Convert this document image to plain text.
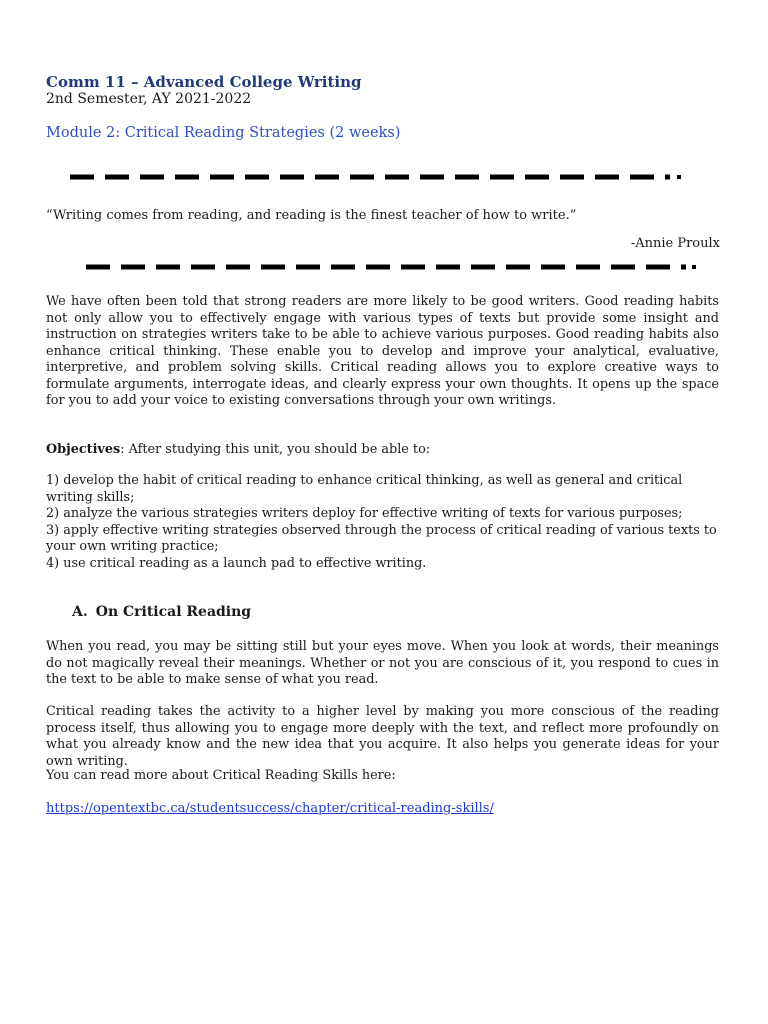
Comm 11 – Advanced College Writing
2nd Semester, AY 2021-2022
Module 2: Critical Reading Strategies (2 weeks)
“Writing comes from reading, and reading is the finest teacher of how to write.”
-Annie Proulx
We have often been told that strong readers are more likely to be good writers. Good reading habits not only allow you to effectively engage with various types of texts but provide some insight and instruction on strategies writers take to be able to achieve various purposes. Good reading habits also enhance critical thinking. These enable you to develop and improve your analytical, evaluative, interpretive, and problem solving skills. Critical reading allows you to explore creative ways to formulate arguments, interrogate ideas, and clearly express your own thoughts. It opens up the space for you to add your voice to existing conversations through your own writings.
Objectives: After studying this unit, you should be able to:
1) develop the habit of critical reading to enhance critical thinking, as well as general and critical writing skills;
2) analyze the various strategies writers deploy for effective writing of texts for various purposes;
3) apply effective writing strategies observed through the process of critical reading of various texts to your own writing practice;
4) use critical reading as a launch pad to effective writing.
A. On Critical Reading
When you read, you may be sitting still but your eyes move. When you look at words, their meanings do not magically reveal their meanings. Whether or not you are conscious of it, you respond to cues in the text to be able to make sense of what you read.
Critical reading takes the activity to a higher level by making you more conscious of the reading process itself, thus allowing you to engage more deeply with the text, and reflect more profoundly on what you already know and the new idea that you acquire. It also helps you generate ideas for your own writing.
You can read more about Critical Reading Skills here:
https://opentextbc.ca/studentsuccess/chapter/critical-reading-skills/
